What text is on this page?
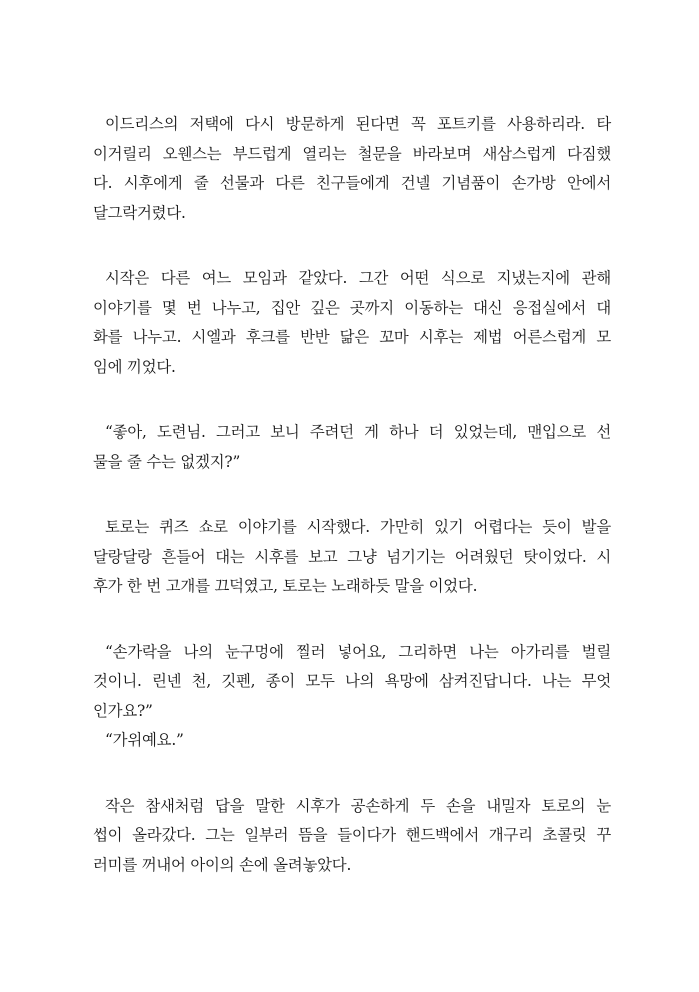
이드리스의 저택에 다시 방문하게 된다면 꼭 포트키를 사용하리라. 타
이거릴리 오웬스는 부드럽게 열리는 철문을 바라보며 새삼스럽게 다짐했
다. 시후에게 줄 선물과 다른 친구들에게 건넬 기념품이 손가방 안에서
달그락거렸다.
시작은 다른 여느 모임과 같았다. 그간 어떤 식으로 지냈는지에 관해
이야기를 몇 번 나누고, 집안 깊은 곳까지 이동하는 대신 응접실에서 대
화를 나누고. 시엘과 후크를 반반 닮은 꼬마 시후는 제법 어른스럽게 모
임에 끼었다.
“좋아, 도련님. 그러고 보니 주려던 게 하나 더 있었는데, 맨입으로 선
물을 줄 수는 없겠지?”
토로는 퀴즈 쇼로 이야기를 시작했다. 가만히 있기 어렵다는 듯이 발을
달랑달랑 흔들어 대는 시후를 보고 그냥 넘기기는 어려웠던 탓이었다. 시
후가 한 번 고개를 끄덕였고, 토로는 노래하듯 말을 이었다.
“손가락을 나의 눈구멍에 찔러 넣어요, 그리하면 나는 아가리를 벌릴
것이니. 린넨 천, 깃펜, 종이 모두 나의 욕망에 삼켜진답니다. 나는 무엇
인가요?”
“가위예요.”
작은 참새처럼 답을 말한 시후가 공손하게 두 손을 내밀자 토로의 눈
썹이 올라갔다. 그는 일부러 뜸을 들이다가 핸드백에서 개구리 초콜릿 꾸
러미를 꺼내어 아이의 손에 올려놓았다.
